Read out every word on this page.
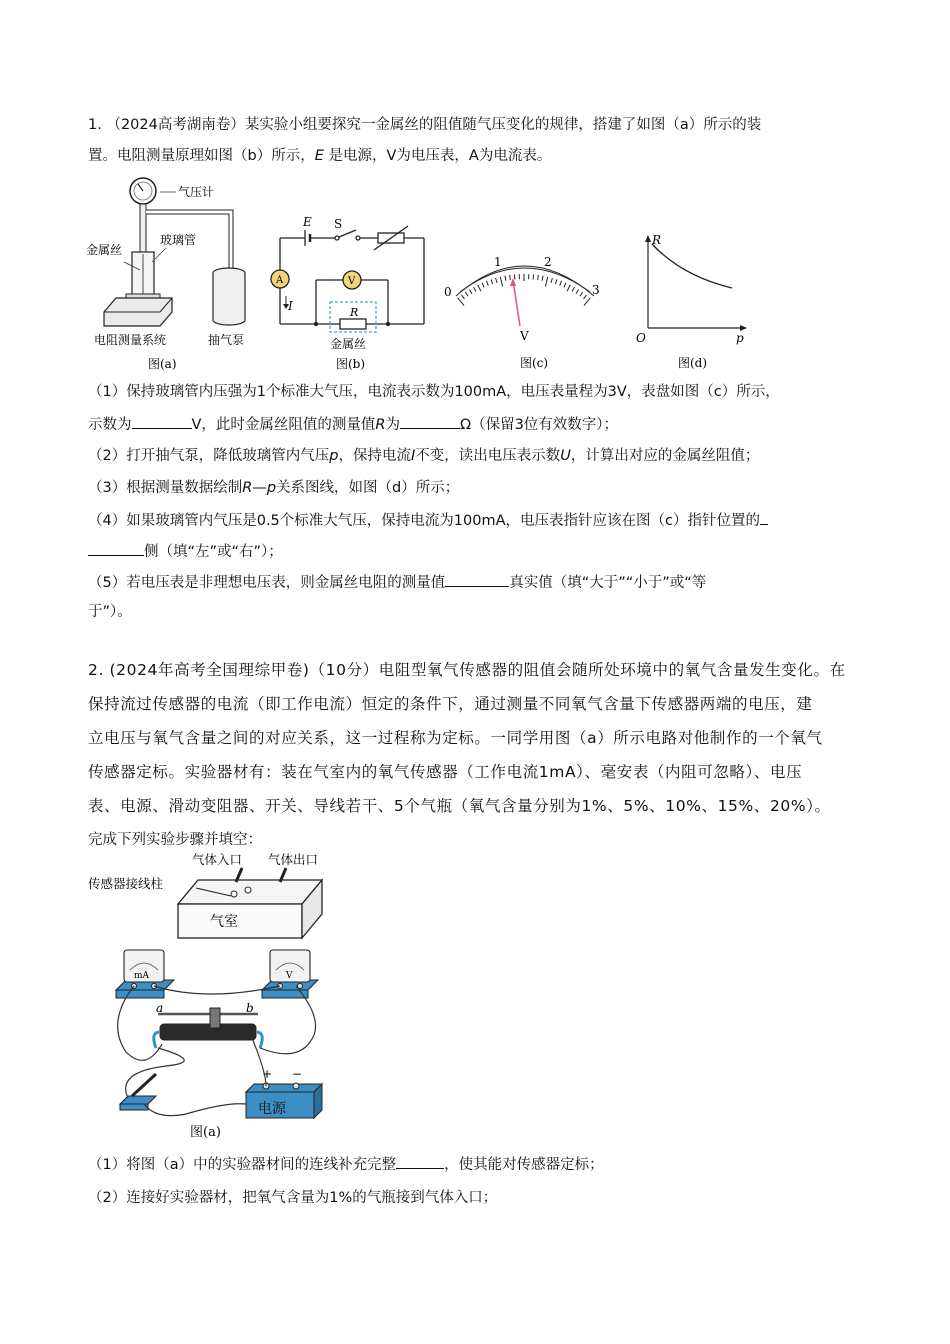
1. （2024高考湖南卷）某实验小组要探究一金属丝的阻值随气压变化的规律，搭建了如图（a）所示的装
置。电阻测量原理如图（b）所示，E 是电源，V为电压表，A为电流表。
气压计
金属丝
玻璃管
电阻测量系统	抽气泵
图(a)
E S
A	V
I	R
金属丝
图(b)
0
1	2
3
V
图(c)
R
O	p
图(d)
（1）保持玻璃管内压强为1个标准大气压，电流表示数为100mA，电压表量程为3V，表盘如图（c）所示，
示数为	V，此时金属丝阻值的测量值R为	Ω（保留3位有效数字）；
（2）打开抽气泵，降低玻璃管内气压p，保持电流I不变，读出电压表示数U，计算出对应的金属丝阻值；
（3）根据测量数据绘制R—p关系图线，如图（d）所示；
（4）如果玻璃管内气压是0.5个标准大气压，保持电流为100mA，电压表指针应该在图（c）指针位置的
侧（填“左”或“右”）；
（5）若电压表是非理想电压表，则金属丝电阻的测量值	真实值（填“大于”“小于”或“等
于”）。
2. (2024年高考全国理综甲卷)（10分）电阻型氧气传感器的阻值会随所处环境中的氧气含量发生变化。在
保持流过传感器的电流（即工作电流）恒定的条件下，通过测量不同氧气含量下传感器两端的电压，建
立电压与氧气含量之间的对应关系，这一过程称为定标。一同学用图（a）所示电路对他制作的一个氧气
传感器定标。实验器材有：装在气室内的氧气传感器（工作电流1mA）、毫安表（内阻可忽略）、电压
表、电源、滑动变阻器、开关、导线若干、5个气瓶（氧气含量分别为1%、5%、10%、15%、20%）。
完成下列实验步骤并填空：
气体入口 气体出口
传感器接线柱
气室
mA	V
a	b
+ −
电源
图(a)
（1）将图（a）中的实验器材间的连线补充完整	，使其能对传感器定标；
（2）连接好实验器材，把氧气含量为1%的气瓶接到气体入口；
